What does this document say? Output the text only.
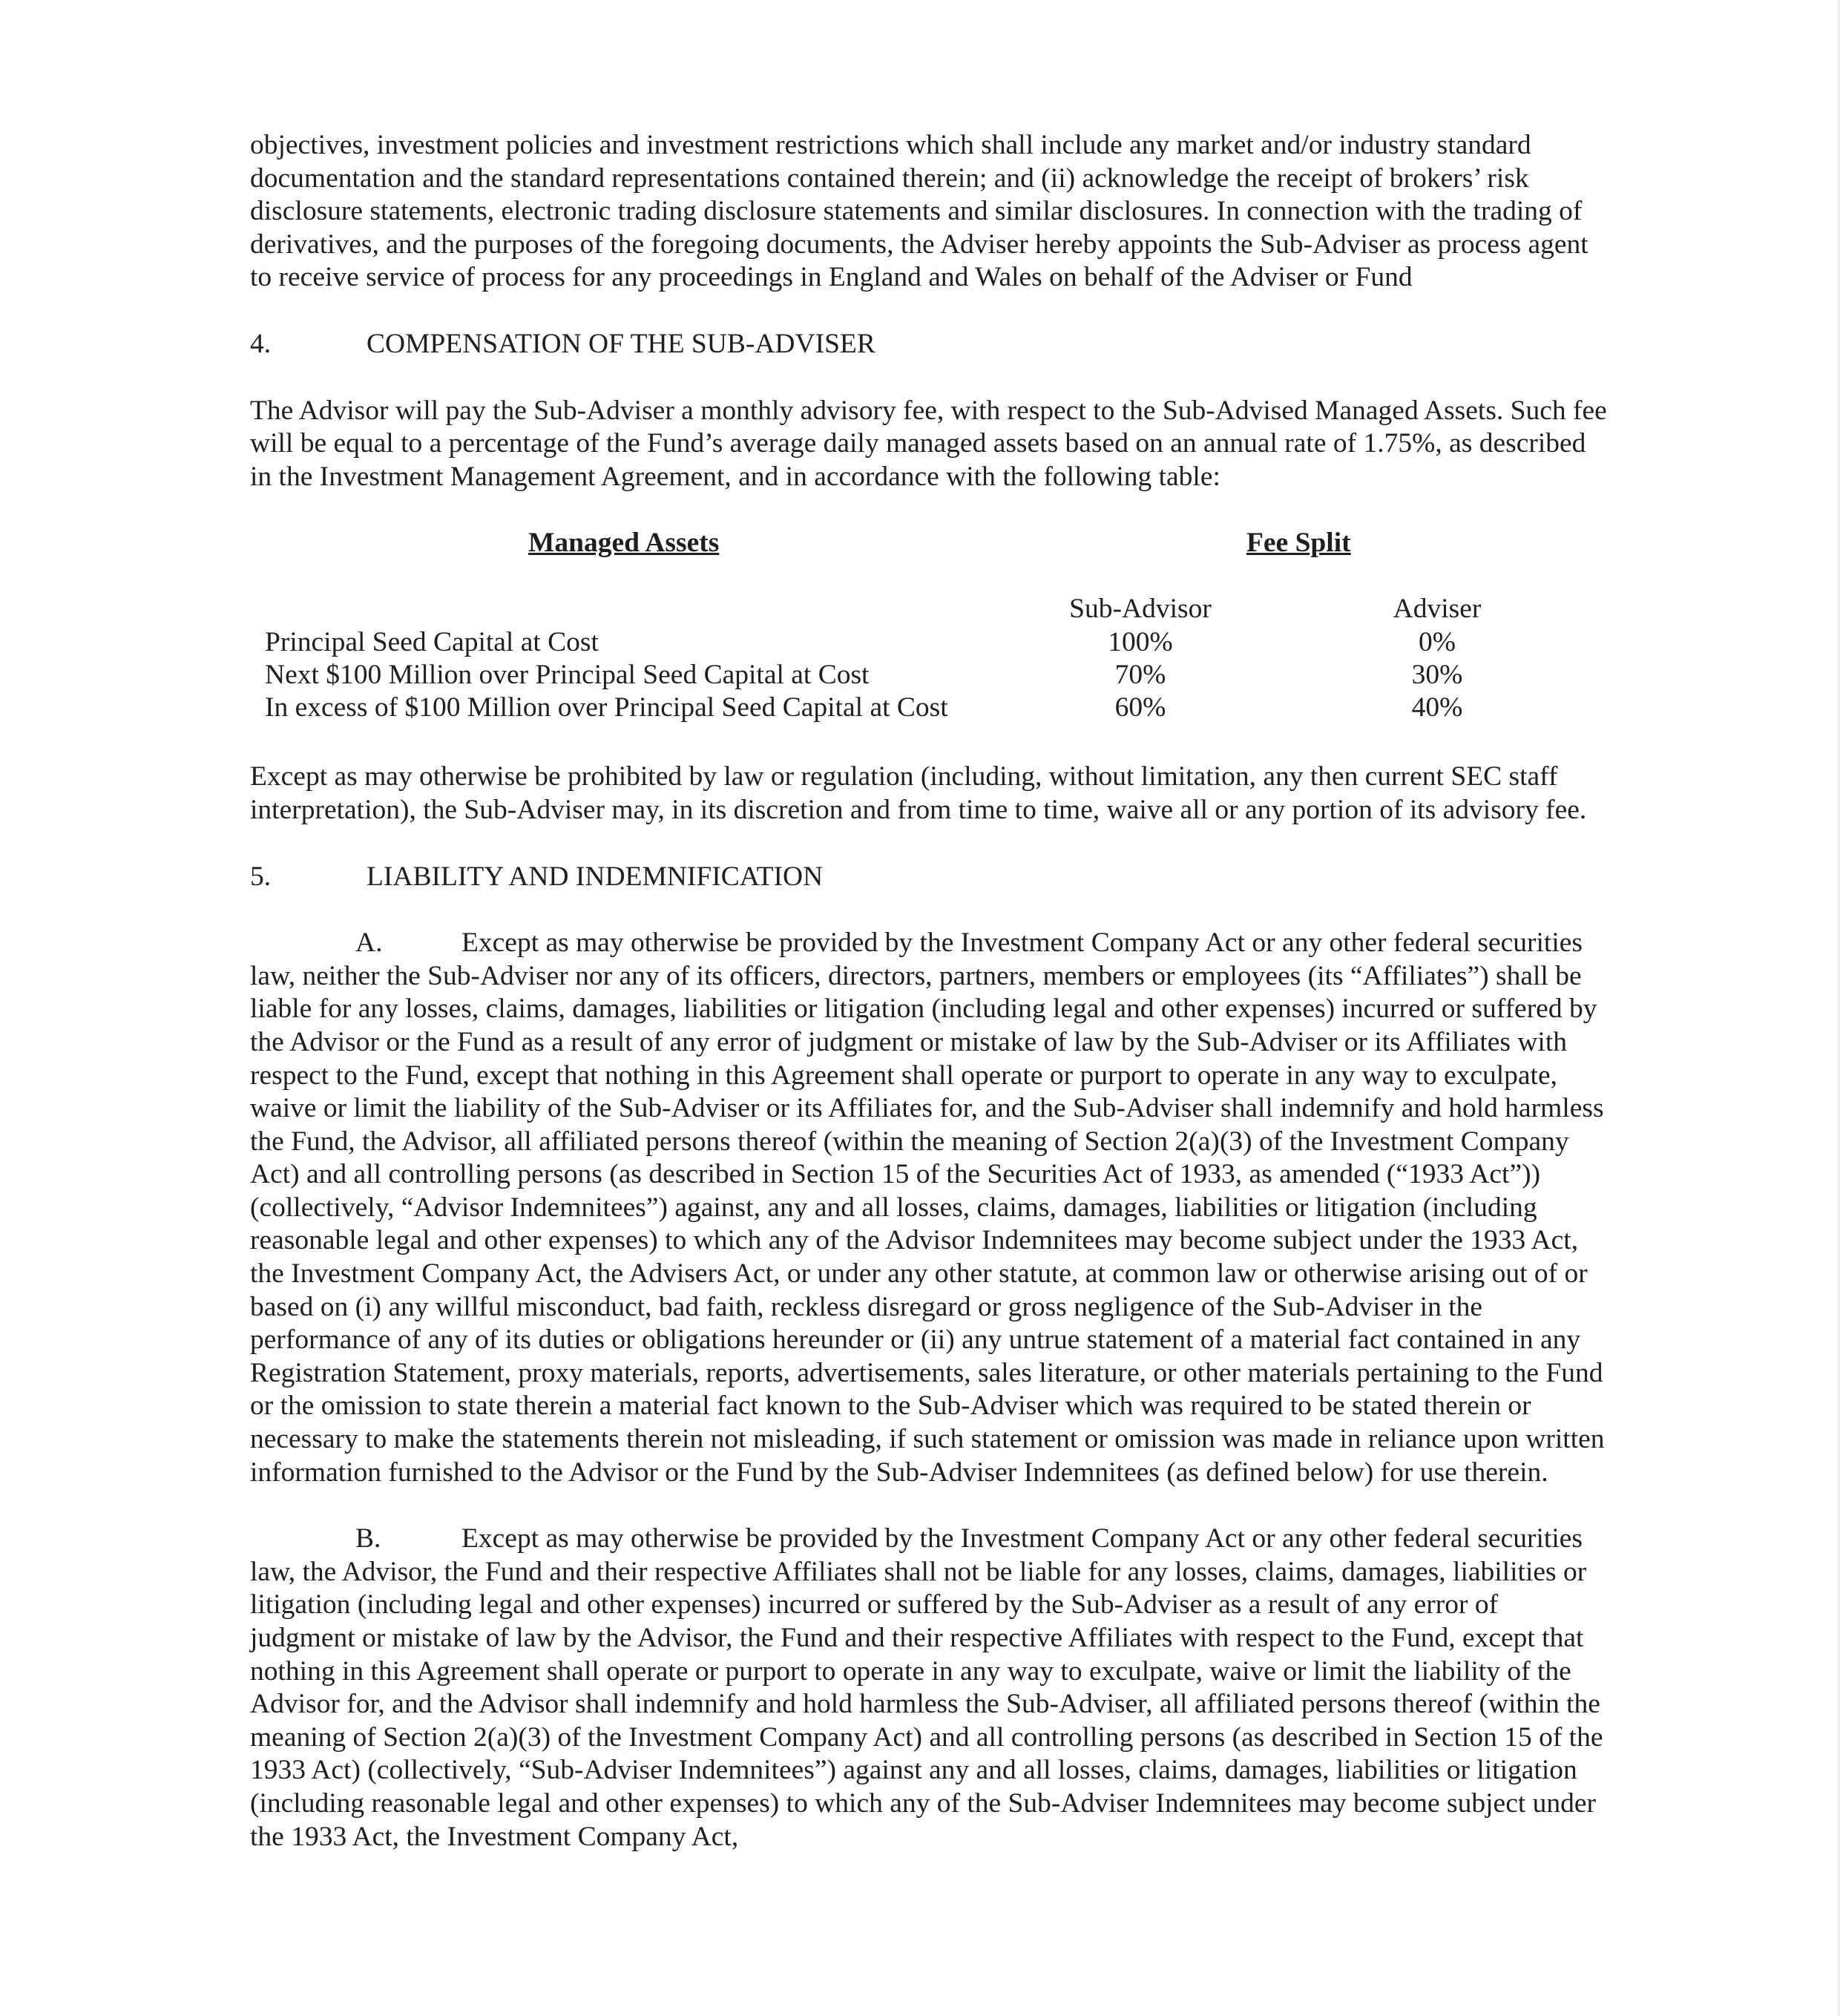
objectives, investment policies and investment restrictions which shall include any market and/or industry standard documentation and the standard representations contained therein; and (ii) acknowledge the receipt of brokers’ risk disclosure statements, electronic trading disclosure statements and similar disclosures. In connection with the trading of derivatives, and the purposes of the foregoing documents, the Adviser hereby appoints the Sub-Adviser as process agent to receive service of process for any proceedings in England and Wales on behalf of the Adviser or Fund

4.	COMPENSATION OF THE SUB-ADVISER

The Advisor will pay the Sub-Adviser a monthly advisory fee, with respect to the Sub-Advised Managed Assets. Such fee will be equal to a percentage of the Fund’s average daily managed assets based on an annual rate of 1.75%, as described in the Investment Management Agreement, and in accordance with the following table:

Managed Assets	Fee Split
Sub-Advisor	Adviser
Principal Seed Capital at Cost	100%	0%
Next $100 Million over Principal Seed Capital at Cost	70%	30%
In excess of $100 Million over Principal Seed Capital at Cost	60%	40%

Except as may otherwise be prohibited by law or regulation (including, without limitation, any then current SEC staff interpretation), the Sub-Adviser may, in its discretion and from time to time, waive all or any portion of its advisory fee.

5.	LIABILITY AND INDEMNIFICATION

A.	Except as may otherwise be provided by the Investment Company Act or any other federal securities law, neither the Sub-Adviser nor any of its officers, directors, partners, members or employees (its “Affiliates”) shall be liable for any losses, claims, damages, liabilities or litigation (including legal and other expenses) incurred or suffered by the Advisor or the Fund as a result of any error of judgment or mistake of law by the Sub-Adviser or its Affiliates with respect to the Fund, except that nothing in this Agreement shall operate or purport to operate in any way to exculpate, waive or limit the liability of the Sub-Adviser or its Affiliates for, and the Sub-Adviser shall indemnify and hold harmless the Fund, the Advisor, all affiliated persons thereof (within the meaning of Section 2(a)(3) of the Investment Company Act) and all controlling persons (as described in Section 15 of the Securities Act of 1933, as amended (“1933 Act”)) (collectively, “Advisor Indemnitees”) against, any and all losses, claims, damages, liabilities or litigation (including reasonable legal and other expenses) to which any of the Advisor Indemnitees may become subject under the 1933 Act, the Investment Company Act, the Advisers Act, or under any other statute, at common law or otherwise arising out of or based on (i) any willful misconduct, bad faith, reckless disregard or gross negligence of the Sub-Adviser in the performance of any of its duties or obligations hereunder or (ii) any untrue statement of a material fact contained in any Registration Statement, proxy materials, reports, advertisements, sales literature, or other materials pertaining to the Fund or the omission to state therein a material fact known to the Sub-Adviser which was required to be stated therein or necessary to make the statements therein not misleading, if such statement or omission was made in reliance upon written information furnished to the Advisor or the Fund by the Sub-Adviser Indemnitees (as defined below) for use therein.

B.	Except as may otherwise be provided by the Investment Company Act or any other federal securities law, the Advisor, the Fund and their respective Affiliates shall not be liable for any losses, claims, damages, liabilities or litigation (including legal and other expenses) incurred or suffered by the Sub-Adviser as a result of any error of judgment or mistake of law by the Advisor, the Fund and their respective Affiliates with respect to the Fund, except that nothing in this Agreement shall operate or purport to operate in any way to exculpate, waive or limit the liability of the Advisor for, and the Advisor shall indemnify and hold harmless the Sub-Adviser, all affiliated persons thereof (within the meaning of Section 2(a)(3) of the Investment Company Act) and all controlling persons (as described in Section 15 of the 1933 Act) (collectively, “Sub-Adviser Indemnitees”) against any and all losses, claims, damages, liabilities or litigation (including reasonable legal and other expenses) to which any of the Sub-Adviser Indemnitees may become subject under the 1933 Act, the Investment Company Act,
